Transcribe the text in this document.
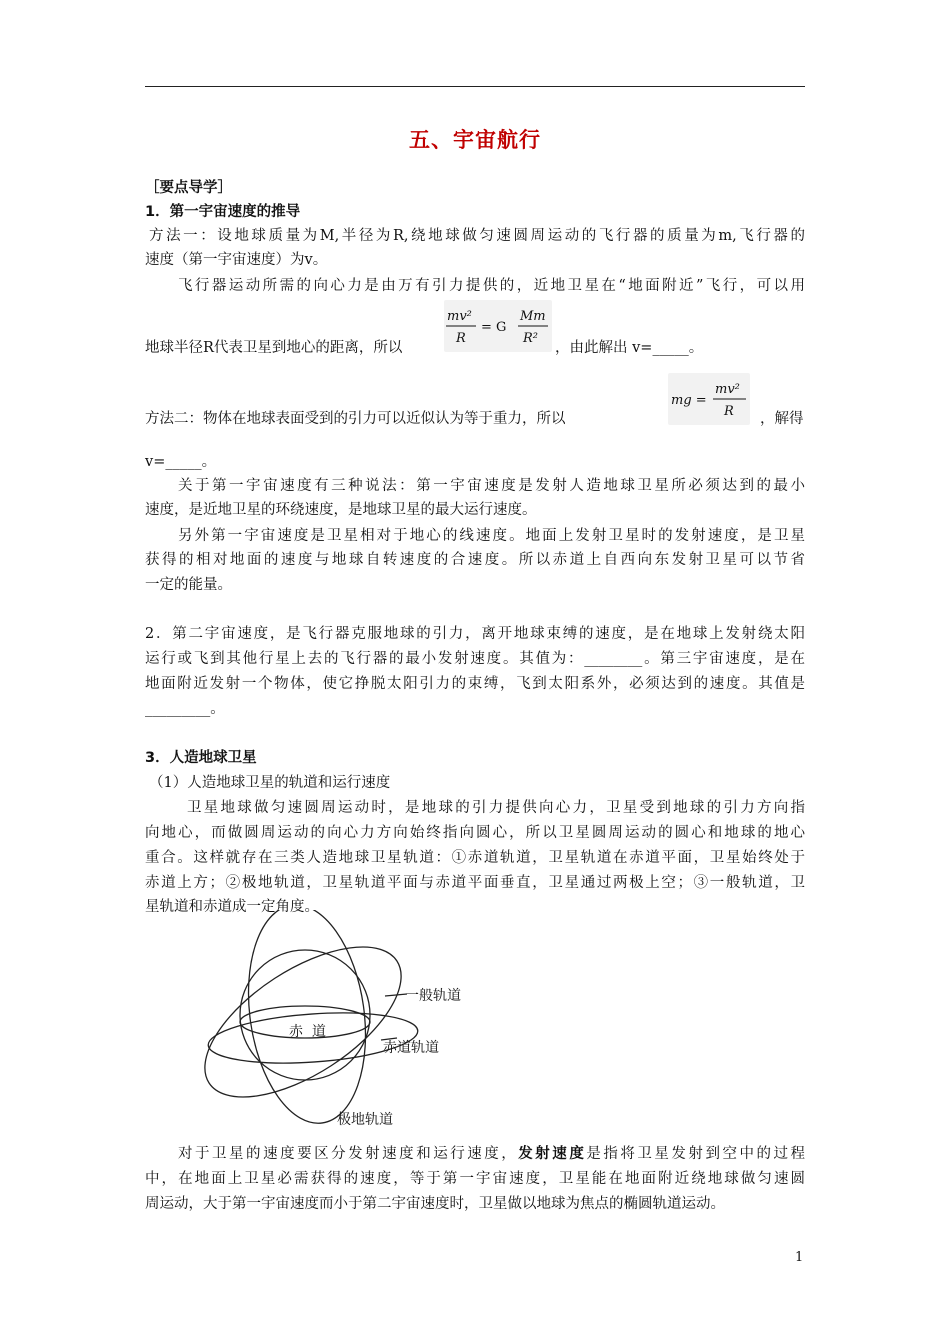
五、宇宙航行
［要点导学］
1．第一宇宙速度的推导
方法一：设地球质量为M,半径为R,绕地球做匀速圆周运动的飞行器的质量为m,飞行器的
速度（第一宇宙速度）为v。
飞行器运动所需的向心力是由万有引力提供的，近地卫星在“地面附近”飞行，可以用
地球半径R代表卫星到地心的距离，所以
mv²
R
= G
Mm
R²
，由此解出 v=_____。
方法二：物体在地球表面受到的引力可以近似认为等于重力，所以
mg =
mv²
R ，解得
v=_____。
关于第一宇宙速度有三种说法：第一宇宙速度是发射人造地球卫星所必须达到的最小
速度，是近地卫星的环绕速度，是地球卫星的最大运行速度。
另外第一宇宙速度是卫星相对于地心的线速度。地面上发射卫星时的发射速度，是卫星
获得的相对地面的速度与地球自转速度的合速度。所以赤道上自西向东发射卫星可以节省
一定的能量。
2．第二宇宙速度，是飞行器克服地球的引力，离开地球束缚的速度，是在地球上发射绕太阳
运行或飞到其他行星上去的飞行器的最小发射速度。其值为：________。第三宇宙速度，是在
地面附近发射一个物体，使它挣脱太阳引力的束缚，飞到太阳系外，必须达到的速度。其值是
_________。
3．人造地球卫星
（1）人造地球卫星的轨道和运行速度
卫星地球做匀速圆周运动时，是地球的引力提供向心力，卫星受到地球的引力方向指
向地心，而做圆周运动的向心力方向始终指向圆心，所以卫星圆周运动的圆心和地球的地心
重合。这样就存在三类人造地球卫星轨道：①赤道轨道，卫星轨道在赤道平面，卫星始终处于
赤道上方；②极地轨道，卫星轨道平面与赤道平面垂直，卫星通过两极上空；③一般轨道，卫
星轨道和赤道成一定角度。
一般轨道
赤  道
赤道轨道
极地轨道
对于卫星的速度要区分发射速度和运行速度，发射速度是指将卫星发射到空中的过程
中，在地面上卫星必需获得的速度，等于第一宇宙速度，卫星能在地面附近绕地球做匀速圆
周运动，大于第一宇宙速度而小于第二宇宙速度时，卫星做以地球为焦点的椭圆轨道运动。
1
